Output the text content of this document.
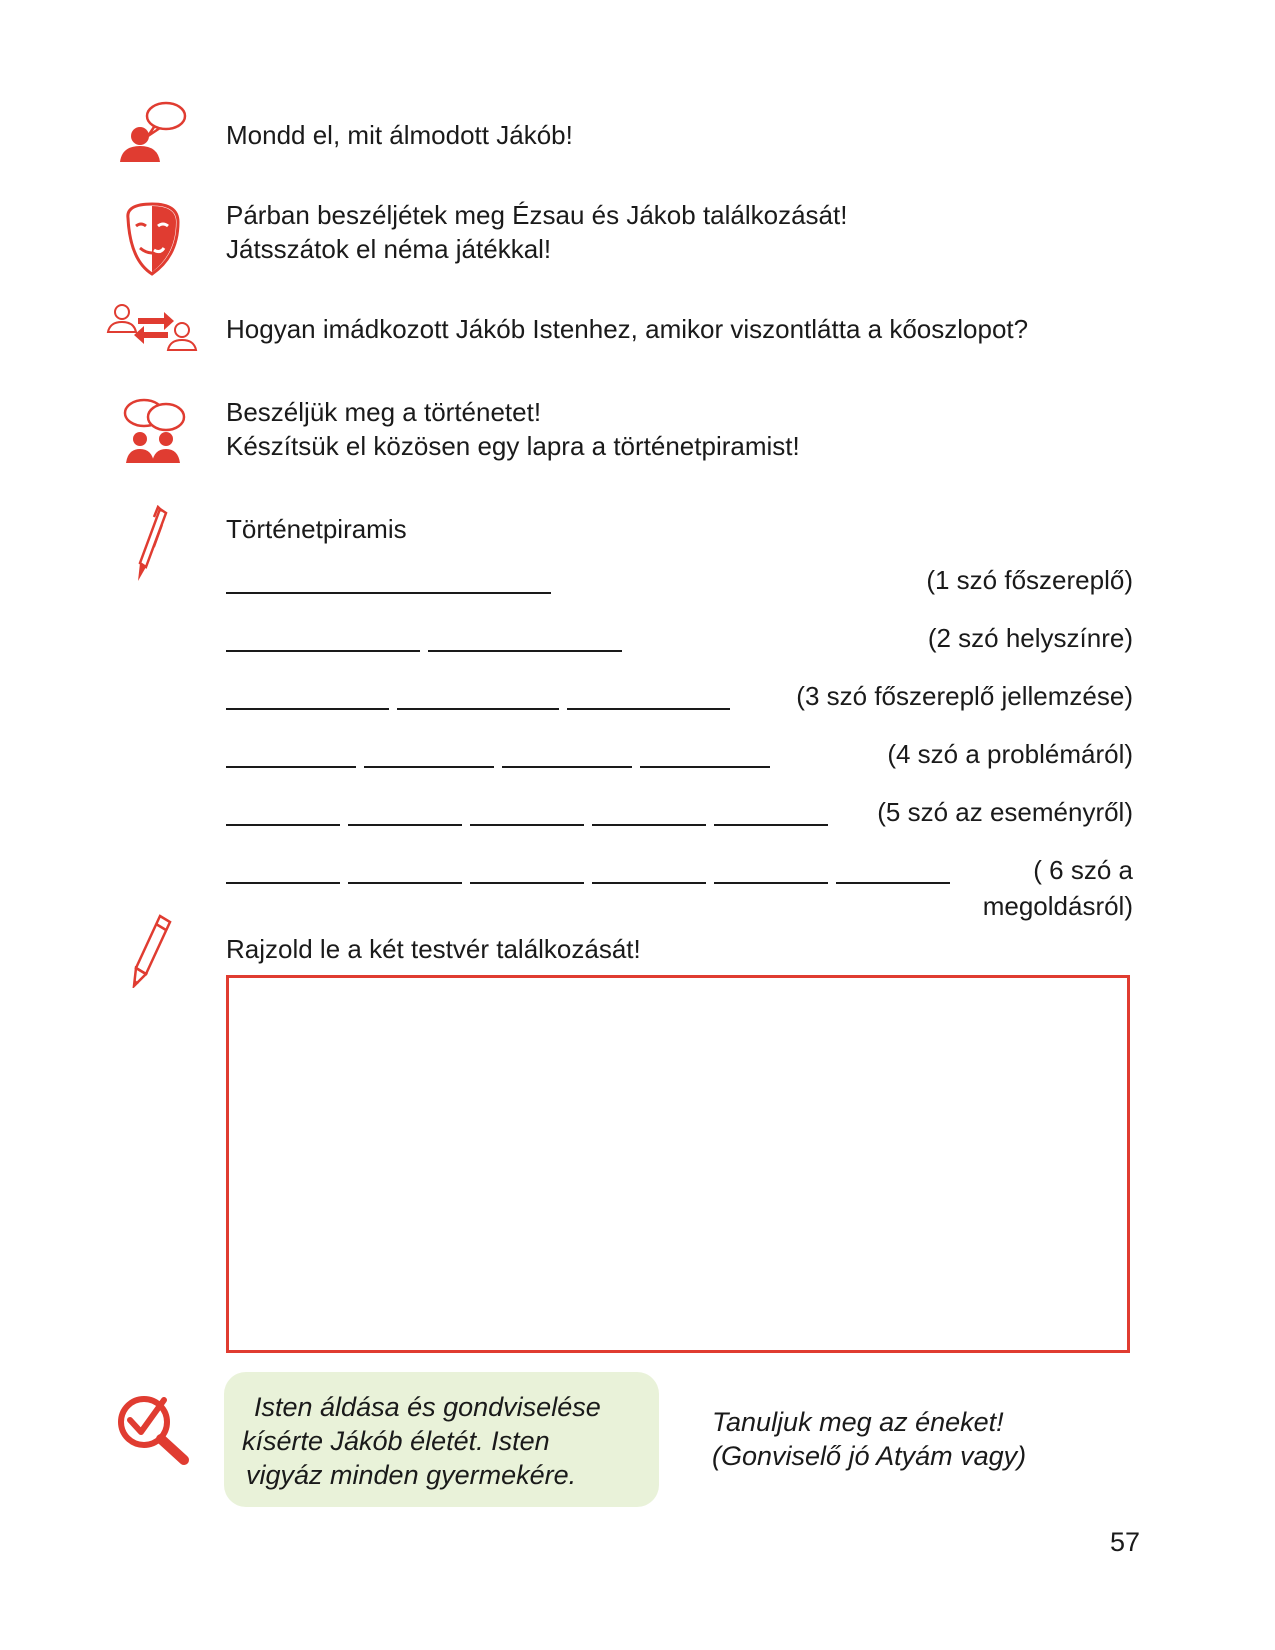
Mondd el, mit álmodott Jákób!
Párban beszéljétek meg Ézsau és Jákob találkozását!
Játsszátok el néma játékkal!
Hogyan imádkozott Jákób Istenhez, amikor viszontlátta a kőoszlopot?
Beszéljük meg a történetet!
Készítsük el közösen egy lapra a történetpiramist!
Történetpiramis
(1 szó főszereplő)
(2 szó helyszínre)
(3 szó főszereplő jellemzése)
(4 szó a problémáról)
(5 szó az eseményről)
( 6 szó a
megoldásról)
Rajzold le a két testvér találkozását!
Isten áldása és gondviselése
kísérte Jákób életét. Isten
vigyáz minden gyermekére.
Tanuljuk meg az éneket!
(Gonviselő jó Atyám vagy)
57
